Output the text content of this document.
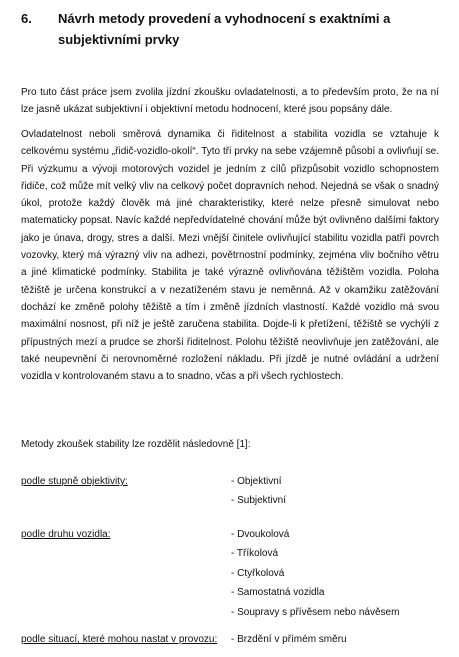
6. Návrh metody provedení a vyhodnocení s exaktními a subjektivními prvky

Pro tuto část práce jsem zvolila jízdní zkoušku ovladatelnosti, a to především proto, že na ní lze jasně ukázat subjektivní i objektivní metodu hodnocení, které jsou popsány dále.

Ovladatelnost neboli směrová dynamika či řiditelnost a stabilita vozidla se vztahuje k celkovému systému „řidič-vozidlo-okolí“. Tyto tři prvky na sebe vzájemně působí a ovlivňují se. Při výzkumu a vývoji motorových vozidel je jedním z cílů přizpůsobit vozidlo schopnostem řidiče, což může mít velký vliv na celkový počet dopravních nehod. Nejedná se však o snadný úkol, protože každý člověk má jiné charakteristiky, které nelze přesně simulovat nebo matematicky popsat. Navíc každé nepředvídatelné chování může být ovlivněno dalšími faktory jako je únava, drogy, stres a další. Mezi vnější činitele ovlivňující stabilitu vozidla patří povrch vozovky, který má výrazný vliv na adhezi, povětrnostní podmínky, zejména vliv bočního větru a jiné klimatické podmínky. Stabilita je také výrazně ovlivňována těžištěm vozidla. Poloha těžiště je určena konstrukcí a v nezatíženém stavu je neměnná. Až v okamžiku zatěžování dochází ke změně polohy těžiště a tím i změně jízdních vlastností. Každé vozidlo má svou maximální nosnost, při níž je ještě zaručena stabilita. Dojde-li k přetížení, těžiště se vychýlí z přípustných mezí a prudce se zhorší řiditelnost. Polohu těžiště neovlivňuje jen zatěžování, ale také neupevnění či nerovnoměrné rozložení nákladu. Při jízdě je nutné ovládání a udržení vozidla v kontrolovaném stavu a to snadno, včas a při všech rychlostech.

Metody zkoušek stability lze rozdělit následovně [1]:

podle stupně objektivity:	- Objektivní
- Subjektivní
podle druhu vozidla:	- Dvoukolová
- Tříkolová
- Ctyřkolová
- Samostatná vozidla
- Soupravy s přívěsem nebo návěsem
podle situací, které mohou nastat v provozu: - Brzdění v přímém směru
